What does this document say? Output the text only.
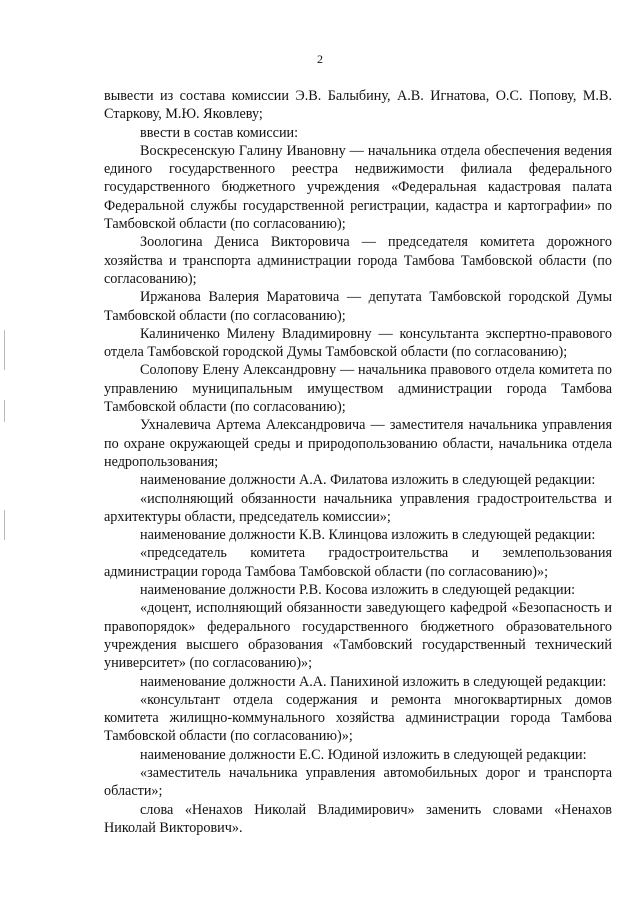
2

вывести из состава комиссии Э.В. Балыбину, А.В. Игнатова, О.С. Попову, М.В. Старкову, М.Ю. Яковлеву;

ввести в состав комиссии:

Воскресенскую Галину Ивановну — начальника отдела обеспечения ведения единого государственного реестра недвижимости филиала федерального государственного бюджетного учреждения «Федеральная кадастровая палата Федеральной службы государственной регистрации, кадастра и картографии» по Тамбовской области (по согласованию);

Зоологина Дениса Викторовича — председателя комитета дорожного хозяйства и транспорта администрации города Тамбова Тамбовской области (по согласованию);

Иржанова Валерия Маратовича — депутата Тамбовской городской Думы Тамбовской области (по согласованию);

Калиниченко Милену Владимировну — консультанта экспертно-правового отдела Тамбовской городской Думы Тамбовской области (по согласованию);

Солопову Елену Александровну — начальника правового отдела комитета по управлению муниципальным имуществом администрации города Тамбова Тамбовской области (по согласованию);

Ухналевича Артема Александровича — заместителя начальника управления по охране окружающей среды и природопользованию области, начальника отдела недропользования;

наименование должности А.А. Филатова изложить в следующей редакции:

«исполняющий обязанности начальника управления градостроительства и архитектуры области, председатель комиссии»;

наименование должности К.В. Клинцова изложить в следующей редакции:

«председатель комитета градостроительства и землепользования администрации города Тамбова Тамбовской области (по согласованию)»;

наименование должности Р.В. Косова изложить в следующей редакции:

«доцент, исполняющий обязанности заведующего кафедрой «Безопасность и правопорядок» федерального государственного бюджетного образовательного учреждения высшего образования «Тамбовский государственный технический университет» (по согласованию)»;

наименование должности А.А. Панихиной изложить в следующей редакции:

«консультант отдела содержания и ремонта многоквартирных домов комитета жилищно-коммунального хозяйства администрации города Тамбова Тамбовской области (по согласованию)»;

наименование должности Е.С. Юдиной изложить в следующей редакции:

«заместитель начальника управления автомобильных дорог и транспорта области»;

слова «Ненахов Николай Владимирович» заменить словами «Ненахов Николай Викторович».
